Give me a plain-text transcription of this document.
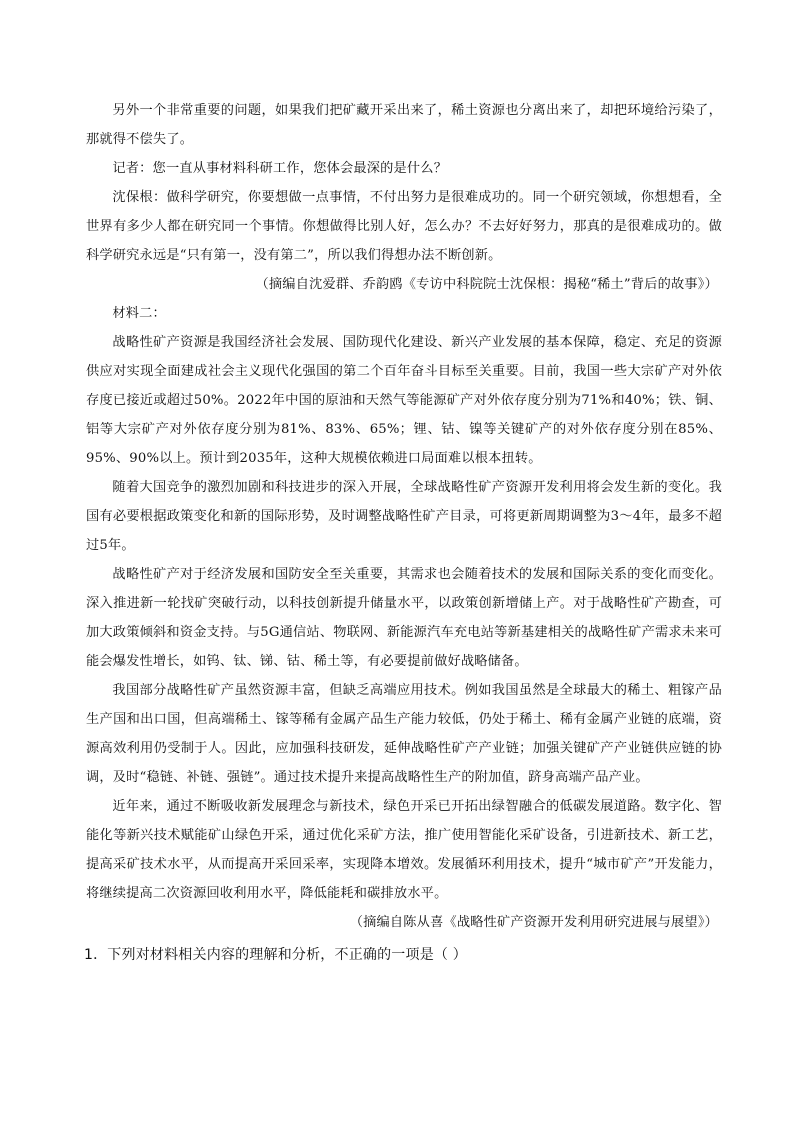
另外一个非常重要的问题，如果我们把矿藏开采出来了，稀土资源也分离出来了，却把环境给污染了，那就得不偿失了。

记者：您一直从事材料科研工作，您体会最深的是什么？

沈保根：做科学研究，你要想做一点事情，不付出努力是很难成功的。同一个研究领域，你想想看，全世界有多少人都在研究同一个事情。你想做得比别人好，怎么办？不去好好努力，那真的是很难成功的。做科学研究永远是“只有第一，没有第二”，所以我们得想办法不断创新。

（摘编自沈爱群、乔韵鸥《专访中科院院士沈保根：揭秘“稀土”背后的故事》）

材料二：

战略性矿产资源是我国经济社会发展、国防现代化建设、新兴产业发展的基本保障，稳定、充足的资源供应对实现全面建成社会主义现代化强国的第二个百年奋斗目标至关重要。目前，我国一些大宗矿产对外依存度已接近或超过50%。2022年中国的原油和天然气等能源矿产对外依存度分别为71%和40%；铁、铜、铝等大宗矿产对外依存度分别为81%、83%、65%；锂、钴、镍等关键矿产的对外依存度分别在85%、95%、90%以上。预计到2035年，这种大规模依赖进口局面难以根本扭转。

随着大国竞争的激烈加剧和科技进步的深入开展，全球战略性矿产资源开发利用将会发生新的变化。我国有必要根据政策变化和新的国际形势，及时调整战略性矿产目录，可将更新周期调整为3～4年，最多不超过5年。

战略性矿产对于经济发展和国防安全至关重要，其需求也会随着技术的发展和国际关系的变化而变化。深入推进新一轮找矿突破行动，以科技创新提升储量水平，以政策创新增储上产。对于战略性矿产勘查，可加大政策倾斜和资金支持。与5G通信站、物联网、新能源汽车充电站等新基建相关的战略性矿产需求未来可能会爆发性增长，如钨、钛、锑、钴、稀土等，有必要提前做好战略储备。

我国部分战略性矿产虽然资源丰富，但缺乏高端应用技术。例如我国虽然是全球最大的稀土、粗镓产品生产国和出口国，但高端稀土、镓等稀有金属产品生产能力较低，仍处于稀土、稀有金属产业链的底端，资源高效利用仍受制于人。因此，应加强科技研发，延伸战略性矿产产业链；加强关键矿产产业链供应链的协调，及时“稳链、补链、强链”。通过技术提升来提高战略性生产的附加值，跻身高端产品产业。

近年来，通过不断吸收新发展理念与新技术，绿色开采已开拓出绿智融合的低碳发展道路。数字化、智能化等新兴技术赋能矿山绿色开采，通过优化采矿方法，推广使用智能化采矿设备，引进新技术、新工艺，提高采矿技术水平，从而提高开采回采率，实现降本增效。发展循环利用技术，提升“城市矿产”开发能力，将继续提高二次资源回收利用水平，降低能耗和碳排放水平。

（摘编自陈从喜《战略性矿产资源开发利用研究进展与展望》）

1．下列对材料相关内容的理解和分析，不正确的一项是（ ）
